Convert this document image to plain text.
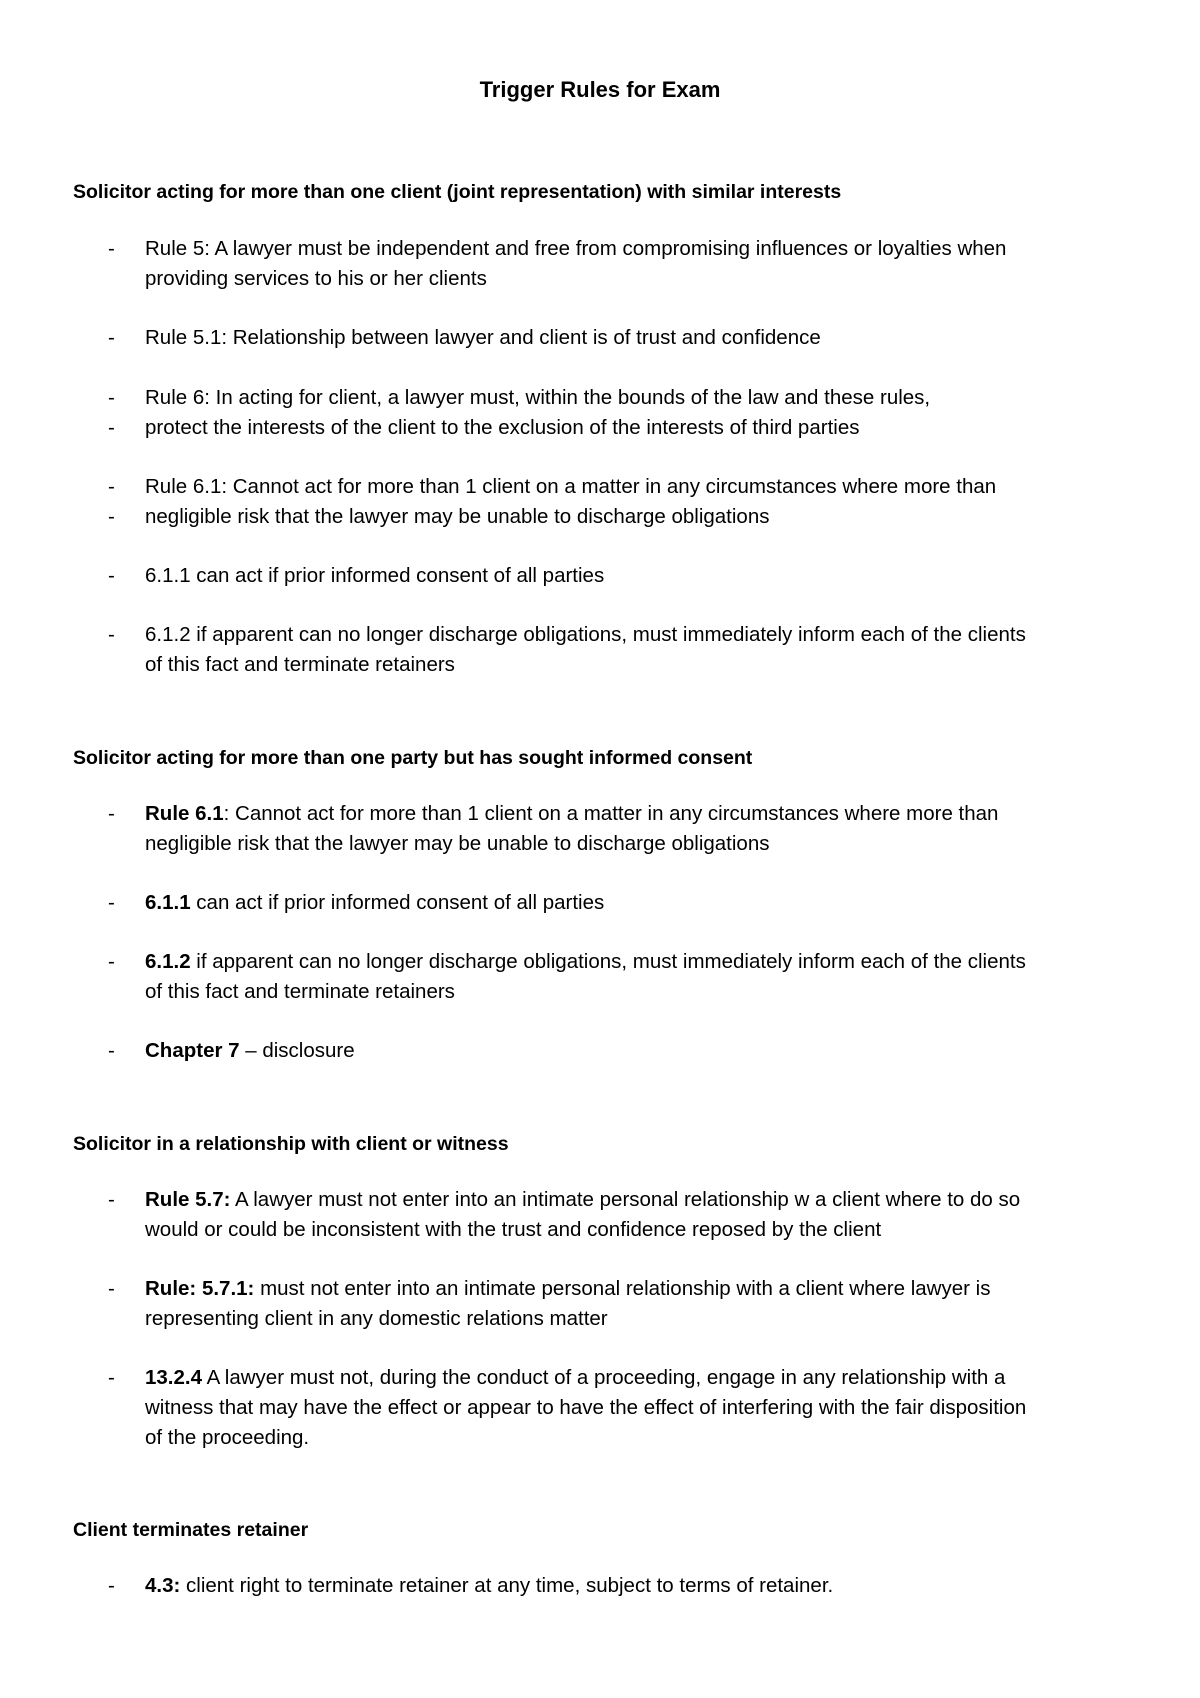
Trigger Rules for Exam
Solicitor acting for more than one client (joint representation) with similar interests
-	Rule 5: A lawyer must be independent and free from compromising influences or loyalties when
providing services to his or her clients
-	Rule 5.1: Relationship between lawyer and client is of trust and confidence
-	Rule 6: In acting for client, a lawyer must, within the bounds of the law and these rules,
-	protect the interests of the client to the exclusion of the interests of third parties
-	Rule 6.1: Cannot act for more than 1 client on a matter in any circumstances where more than
-	negligible risk that the lawyer may be unable to discharge obligations
-	6.1.1 can act if prior informed consent of all parties
-	6.1.2 if apparent can no longer discharge obligations, must immediately inform each of the clients
of this fact and terminate retainers
Solicitor acting for more than one party but has sought informed consent
-	Rule 6.1: Cannot act for more than 1 client on a matter in any circumstances where more than
negligible risk that the lawyer may be unable to discharge obligations
-	6.1.1 can act if prior informed consent of all parties
-	6.1.2 if apparent can no longer discharge obligations, must immediately inform each of the clients
of this fact and terminate retainers
-	Chapter 7 – disclosure
Solicitor in a relationship with client or witness
-	Rule 5.7: A lawyer must not enter into an intimate personal relationship w a client where to do so
would or could be inconsistent with the trust and confidence reposed by the client
-	Rule: 5.7.1: must not enter into an intimate personal relationship with a client where lawyer is
representing client in any domestic relations matter
-	13.2.4 A lawyer must not, during the conduct of a proceeding, engage in any relationship with a
witness that may have the effect or appear to have the effect of interfering with the fair disposition
of the proceeding.
Client terminates retainer
-	4.3: client right to terminate retainer at any time, subject to terms of retainer.
